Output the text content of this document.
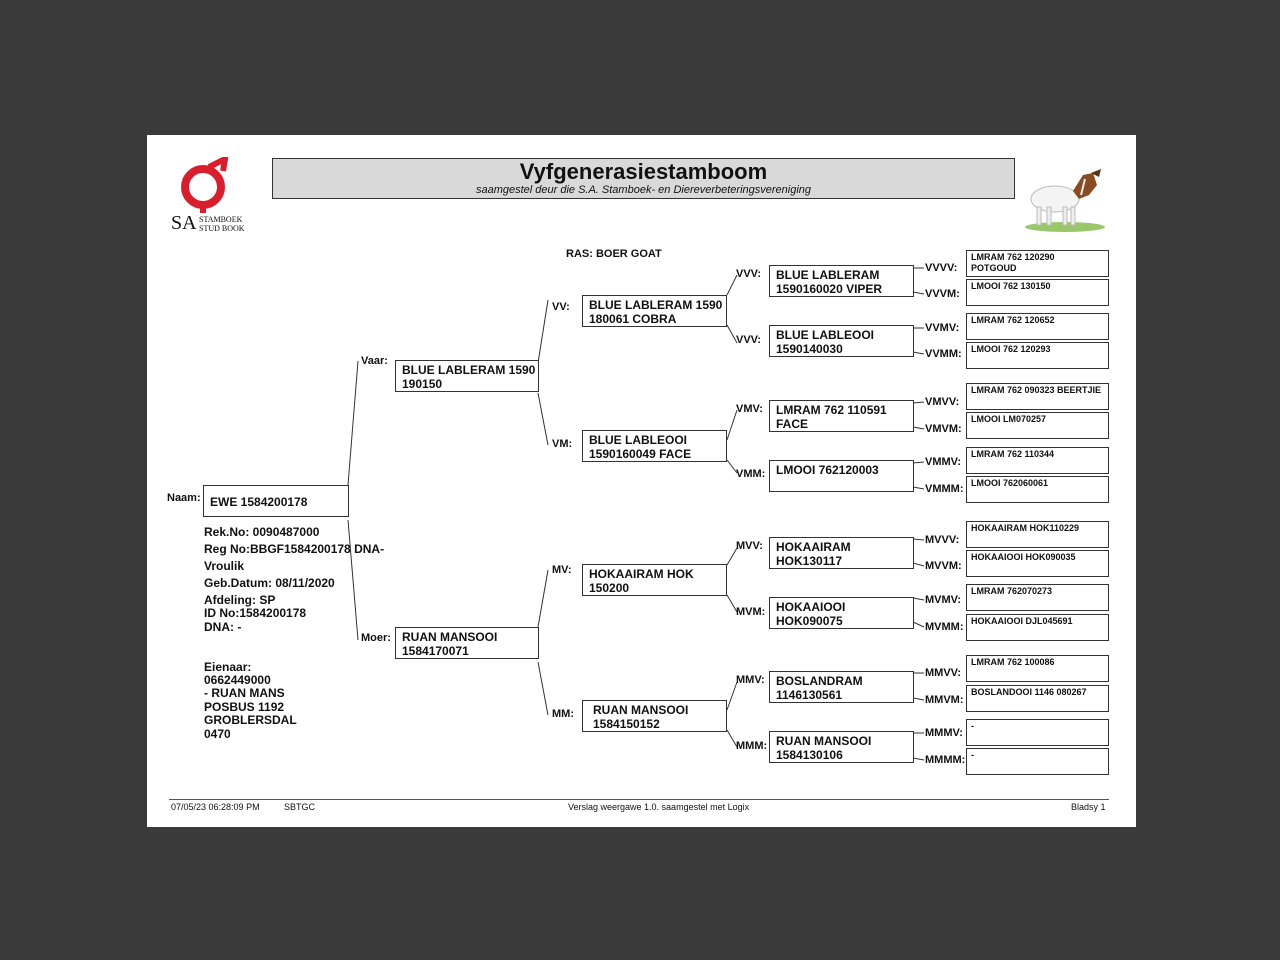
SA STAMBOEK
STUD BOOK
Vyfgenerasiestamboom
saamgestel deur die S.A. Stamboek- en Diereverbeteringsvereniging
RAS: BOER GOAT
Naam: EWE 1584200178
Rek.No: 0090487000
Reg No:BBGF1584200178 DNA-
Vroulik
Geb.Datum: 08/11/2020
Afdeling: SP
ID No:1584200178
DNA: -
Eienaar:
0662449000
- RUAN MANS
POSBUS 1192
GROBLERSDAL
0470
Vaar:
BLUE LABLERAM 1590
190150
Moer: RUAN MANSOOI
1584170071
VV: BLUE LABLERAM 1590
180061 COBRA
VM: BLUE LABLEOOI
1590160049 FACE
MV: HOKAAIRAM HOK
150200
MM: RUAN MANSOOI
1584150152
VVV: BLUE LABLERAM
1590160020 VIPER
VVV: BLUE LABLEOOI
1590140030
VMV: LMRAM 762 110591
FACE
VMM: LMOOI 762120003
MVV: HOKAAIRAM
HOK130117
MVM: HOKAAIOOI
HOK090075
MMV: BOSLANDRAM
1146130561
MMM: RUAN MANSOOI
1584130106
VVVV:
VVVM:
VVMV:
VVMM:
VMVV:
VMVM:
VMMV:
VMMM:
MVVV:
MVVM:
MVMV:
MVMM:
MMVV:
MMVM:
MMMV:
MMMM:
LMRAM 762 120290
POTGOUD
LMOOI 762 130150
LMRAM 762 120652
LMOOI 762 120293
LMRAM 762 090323 BEERTJIE
LMOOI LM070257
LMRAM 762 110344
LMOOI 762060061
HOKAAIRAM HOK110229
HOKAAIOOI HOK090035
LMRAM 762070273
HOKAAIOOI DJL045691
LMRAM 762 100086
BOSLANDOOI 1146 080267
-
-
07/05/23 06:28:09 PM	SBTGC	Verslag weergawe 1.0. saamgestel met Logix	Bladsy 1
